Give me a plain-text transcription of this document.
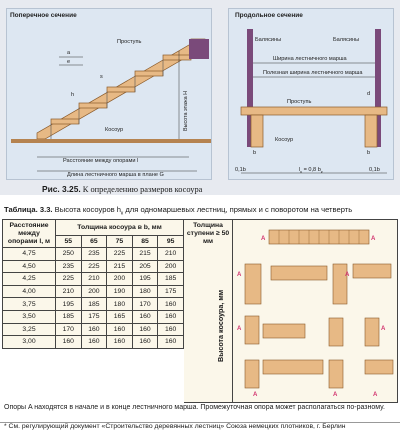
Поперечное сечение
a
e
Проступь
s
h
Косоур
Расстояние между опорами l
Длина лестничного марша в плане G
Высота этажа H
Продольное сечение
Балясины	Балясины
Ширина лестничного марша
Полезная ширина лестничного марша
Проступь
d
Косоур
b	b
0,1b	$l_к = 0,8$ $b_к$	0,1b
Рис. 3.25. К определению размеров косоура
Таблица. 3.3. Высота косоуров $h_к$ для одномаршевых лестниц, прямых и с поворотом на четверть
Расстояние между опорами l, м	Толщина косоура в b, мм				
	55	65	75	85	95
4,75	250	235	225	215	210
4,50	235	225	215	205	200
4,25	225	210	200	195	185
4,00	210	200	190	180	175
3,75	195	185	180	170	160
3,50	185	175	165	160	160
3,25	170	160	160	160	160
3,00	160	160	160	160	160
Толщина ступени ≥ 50 мм
Высота косоура, мм
A	A
A	A
A	A
A	A	A
Опоры A находятся в начале и в конце лестничного марша. Промежуточная опора может располагаться по-разному.
* См. регулирующий документ «Строительство деревянных лестниц» Союза немецких плотников, г. Берлин
